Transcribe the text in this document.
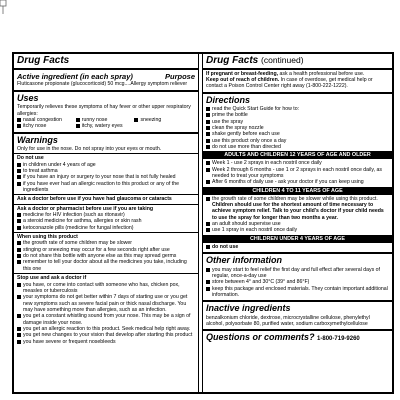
Drug Facts
Active ingredient (in each spray)	Purpose
Fluticasone propionate (glucocorticoid) 50 mcg....Allergy symptom reliever
Uses
Temporarily relieves these symptoms of hay fever or other upper respiratory allergies:
nasal congestion	runny nose	sneezing
itchy nose	itchy, watery eyes
Warnings
Only for use in the nose. Do not spray into your eyes or mouth.
Do not use
in children under 4 years of age
to treat asthma
if you have an injury or surgery to your nose that is not fully healed
if you have ever had an allergic reaction to this product or any of the ingredients
Ask a doctor before use if you have had glaucoma or cataracts
Ask a doctor or pharmacist before use if you are taking
medicine for HIV infection (such as ritonavir)
a steroid medicine for asthma, allergies or skin rash
ketoconazole pills (medicine for fungal infection)
When using this product
the growth rate of some children may be slower
stinging or sneezing may occur for a few seconds right after use
do not share this bottle with anyone else as this may spread germs
remember to tell your doctor about all the medicines you take, including this one
Stop use and ask a doctor if
you have, or come into contact with someone who has, chicken pox, measles or tuberculosis
your symptoms do not get better within 7 days of starting use or you get new symptoms such as severe facial pain or thick nasal discharge. You may have something more than allergies, such as an infection.
you get a constant whistling sound from your nose. This may be a sign of damage inside your nose.
you get an allergic reaction to this product. Seek medical help right away.
you get new changes to your vision that develop after starting this product
you have severe or frequent nosebleeds
Drug Facts (continued)
If pregnant or breast-feeding, ask a health professional before use.
Keep out of reach of children. In case of overdose, get medical help or contact a Poison Control Center right away (1-800-222-1222).
Directions
read the Quick Start Guide for how to:
prime the bottle
use the spray
clean the spray nozzle
shake gently before each use
use this product only once a day
do not use more than directed
ADULTS AND CHILDREN 12 YEARS OF AGE AND OLDER
Week 1 - use 2 sprays in each nostril once daily
Week 2 through 6 months - use 1 or 2 sprays in each nostril once daily, as needed to treat your symptoms
After 6 months of daily use - ask your doctor if you can keep using
CHILDREN 4 TO 11 YEARS OF AGE
the growth rate of some children may be slower while using this product. Children should use for the shortest amount of time necessary to achieve symptom relief. Talk to your child's doctor if your child needs to use the spray for longer than two months a year.
an adult should supervise use
use 1 spray in each nostril once daily
CHILDREN UNDER 4 YEARS OF AGE
do not use
Other information
you may start to feel relief the first day and full effect after several days of regular, once-a-day use
store between 4° and 30°C (39° and 86°F)
keep this package and enclosed materials. They contain important additional information.
Inactive ingredients
benzalkonium chloride, dextrose, microcrystalline cellulose, phenylethyl alcohol, polysorbate 80, purified water, sodium carboxymethylcellulose
Questions or comments? 1-800-719-9260
